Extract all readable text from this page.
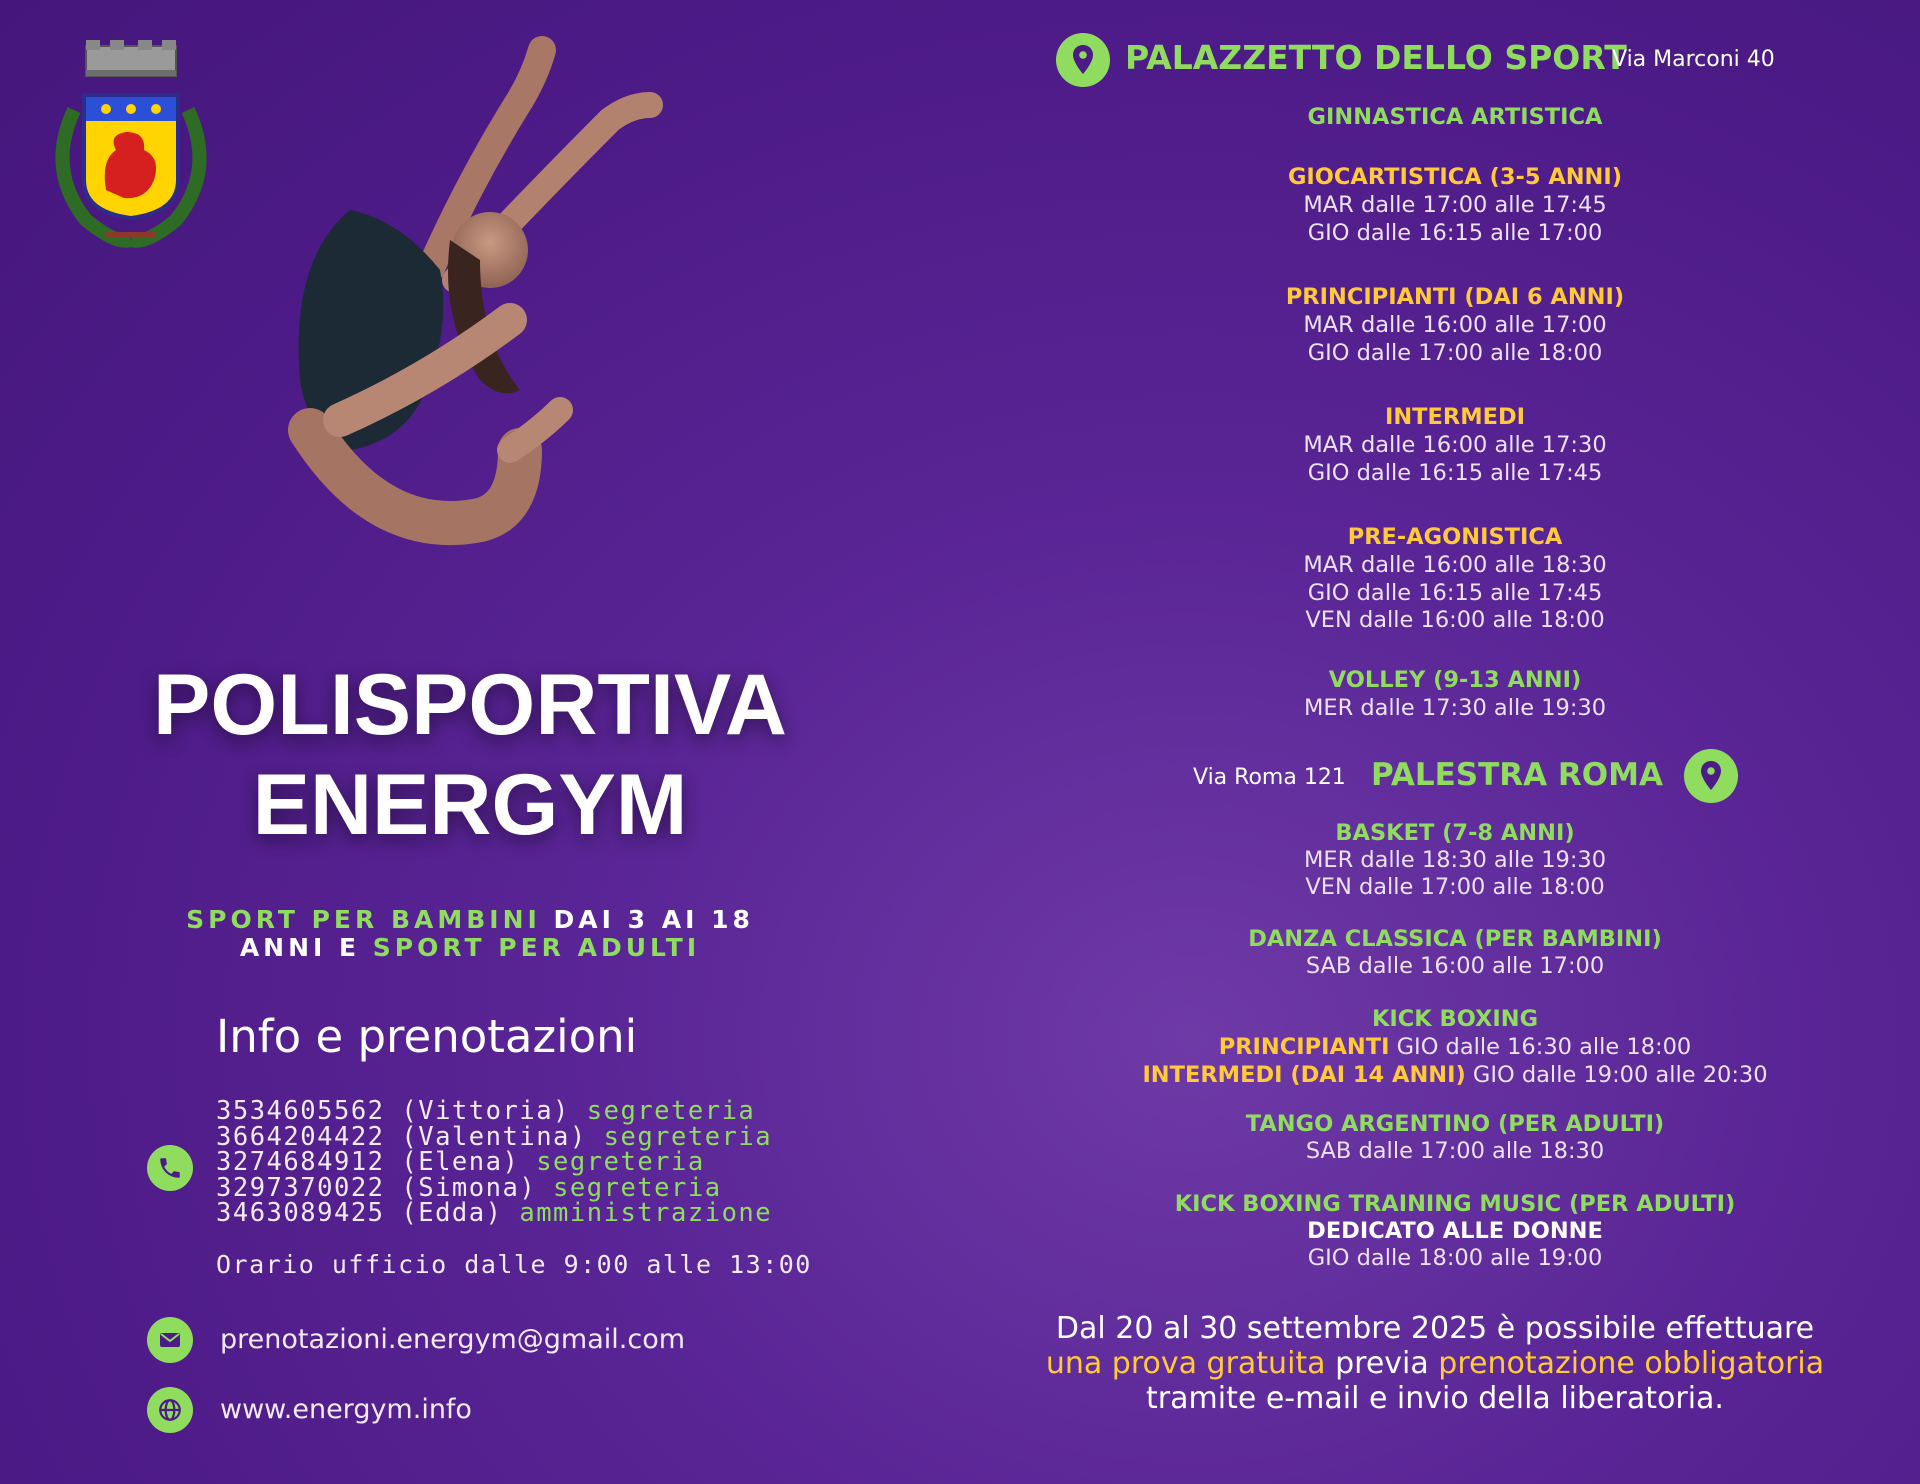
POLISPORTIVA
ENERGYM
SPORT PER BAMBINI DAI 3 AI 18
ANNI E SPORT PER ADULTI
Info e prenotazioni
3534605562 (Vittoria) segreteria
3664204422 (Valentina) segreteria
3274684912 (Elena) segreteria
3297370022 (Simona) segreteria
3463089425 (Edda) amministrazione
Orario ufficio dalle 9:00 alle 13:00
prenotazioni.energym@gmail.com
www.energym.info
PALAZZETTO DELLO SPORT
Via Marconi 40
GINNASTICA ARTISTICA
GIOCARTISTICA (3-5 ANNI)
MAR dalle 17:00 alle 17:45
GIO dalle 16:15 alle 17:00
PRINCIPIANTI (DAI 6 ANNI)
MAR dalle 16:00 alle 17:00
GIO dalle 17:00 alle 18:00
INTERMEDI
MAR dalle 16:00 alle 17:30
GIO dalle 16:15 alle 17:45
PRE-AGONISTICA
MAR dalle 16:00 alle 18:30
GIO dalle 16:15 alle 17:45
VEN dalle 16:00 alle 18:00
VOLLEY (9-13 ANNI)
MER dalle 17:30 alle 19:30
Via Roma 121 PALESTRA ROMA
BASKET (7-8 ANNI)
MER dalle 18:30 alle 19:30
VEN dalle 17:00 alle 18:00
DANZA CLASSICA (PER BAMBINI)
SAB dalle 16:00 alle 17:00
KICK BOXING
PRINCIPIANTI GIO dalle 16:30 alle 18:00
INTERMEDI (DAI 14 ANNI) GIO dalle 19:00 alle 20:30
TANGO ARGENTINO (PER ADULTI)
SAB dalle 17:00 alle 18:30
KICK BOXING TRAINING MUSIC (PER ADULTI)
DEDICATO ALLE DONNE
GIO dalle 18:00 alle 19:00
Dal 20 al 30 settembre 2025 è possibile effettuare
una prova gratuita previa prenotazione obbligatoria
tramite e-mail e invio della liberatoria.
